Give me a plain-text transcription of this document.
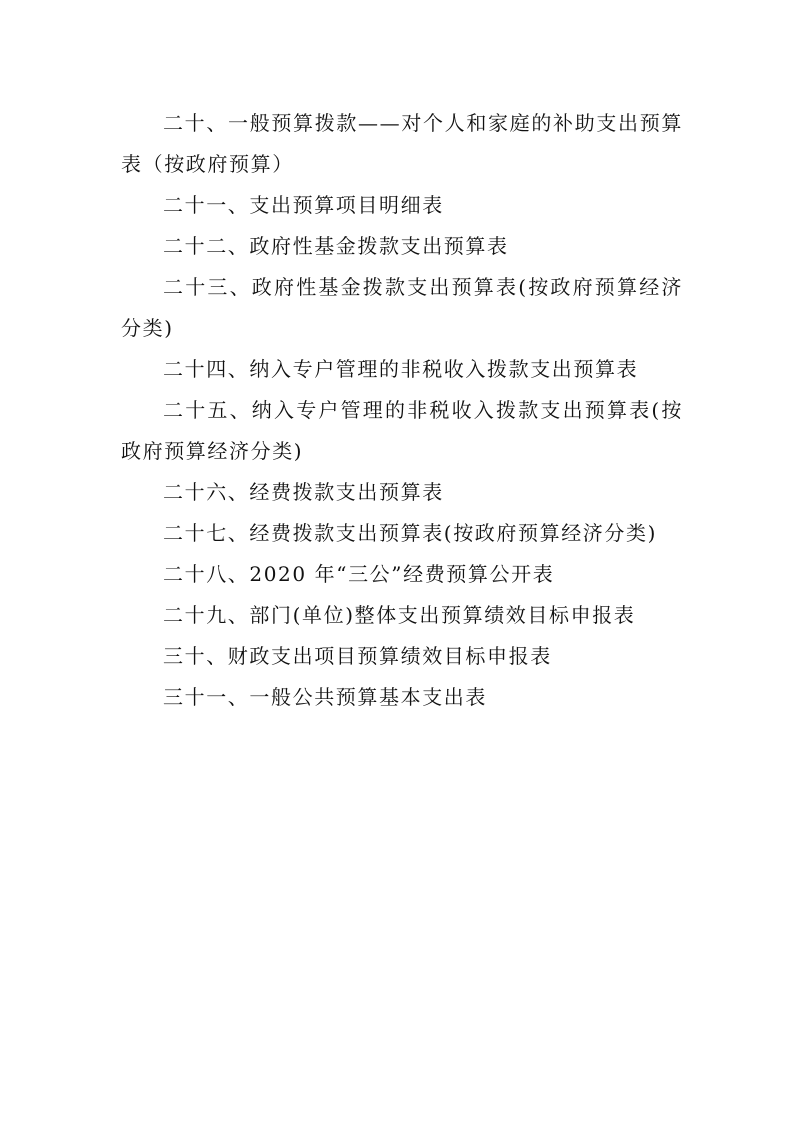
二十、一般预算拨款——对个人和家庭的补助支出预算表（按政府预算）

二十一、支出预算项目明细表

二十二、政府性基金拨款支出预算表

二十三、政府性基金拨款支出预算表(按政府预算经济分类)

二十四、纳入专户管理的非税收入拨款支出预算表

二十五、纳入专户管理的非税收入拨款支出预算表(按政府预算经济分类)

二十六、经费拨款支出预算表

二十七、经费拨款支出预算表(按政府预算经济分类)

二十八、2020 年“三公”经费预算公开表

二十九、部门(单位)整体支出预算绩效目标申报表

三十、财政支出项目预算绩效目标申报表

三十一、一般公共预算基本支出表
